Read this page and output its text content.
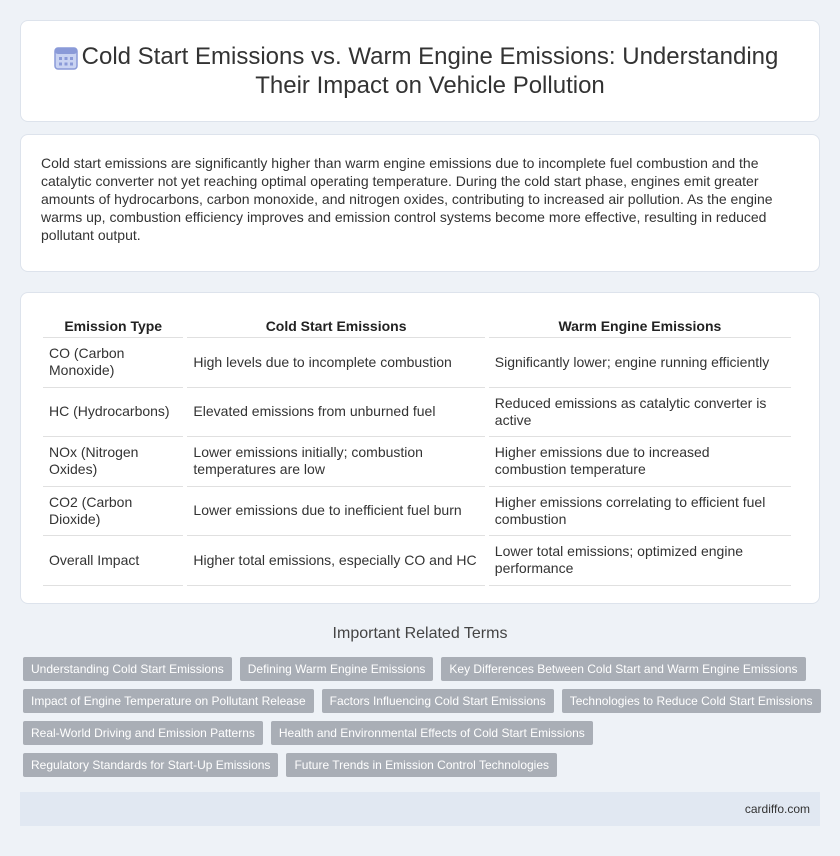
Cold Start Emissions vs. Warm Engine Emissions: Understanding Their Impact on Vehicle Pollution

Cold start emissions are significantly higher than warm engine emissions due to incomplete fuel combustion and the catalytic converter not yet reaching optimal operating temperature. During the cold start phase, engines emit greater amounts of hydrocarbons, carbon monoxide, and nitrogen oxides, contributing to increased air pollution. As the engine warms up, combustion efficiency improves and emission control systems become more effective, resulting in reduced pollutant output.

Emission Type	Cold Start Emissions	Warm Engine Emissions
CO (Carbon Monoxide)	High levels due to incomplete combustion	Significantly lower; engine running efficiently
HC (Hydrocarbons)	Elevated emissions from unburned fuel	Reduced emissions as catalytic converter is active
NOx (Nitrogen Oxides)	Lower emissions initially; combustion temperatures are low	Higher emissions due to increased combustion temperature
CO2 (Carbon Dioxide)	Lower emissions due to inefficient fuel burn	Higher emissions correlating to efficient fuel combustion
Overall Impact	Higher total emissions, especially CO and HC	Lower total emissions; optimized engine performance
Important Related Terms
Understanding Cold Start Emissions	Defining Warm Engine Emissions	Key Differences Between Cold Start and Warm Engine Emissions
Impact of Engine Temperature on Pollutant Release	Factors Influencing Cold Start Emissions	Technologies to Reduce Cold Start Emissions
Real-World Driving and Emission Patterns	Health and Environmental Effects of Cold Start Emissions
Regulatory Standards for Start-Up Emissions	Future Trends in Emission Control Technologies
cardiffo.com
